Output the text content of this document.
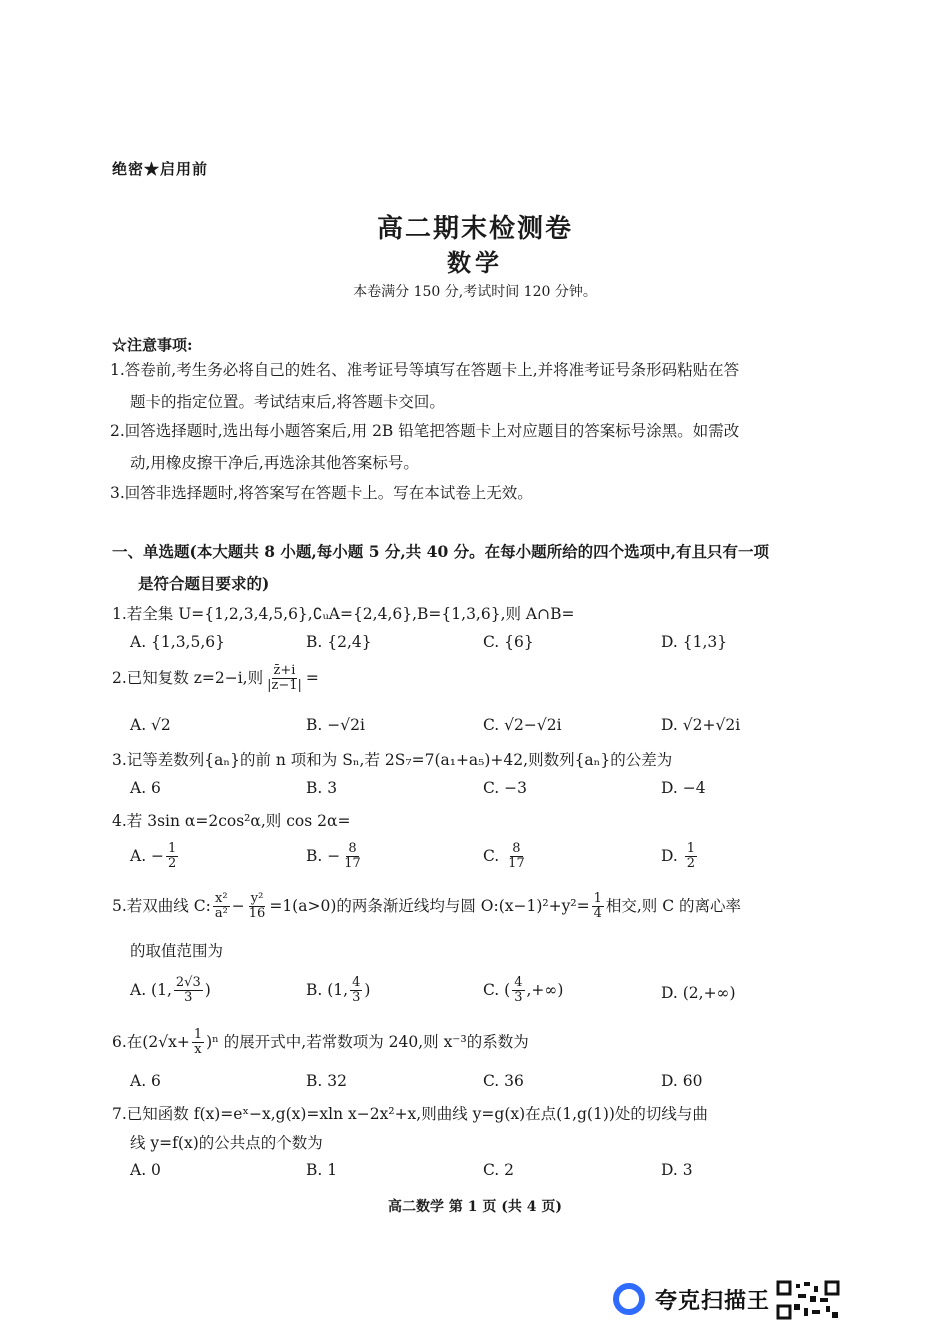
绝密★启用前
高二期末检测卷
数学
本卷满分 150 分,考试时间 120 分钟。
☆注意事项:
1.答卷前,考生务必将自己的姓名、准考证号等填写在答题卡上,并将准考证号条形码粘贴在答
题卡的指定位置。考试结束后,将答题卡交回。
2.回答选择题时,选出每小题答案后,用 2B 铅笔把答题卡上对应题目的答案标号涂黑。如需改
动,用橡皮擦干净后,再选涂其他答案标号。
3.回答非选择题时,将答案写在答题卡上。写在本试卷上无效。
一、单选题(本大题共 8 小题,每小题 5 分,共 40 分。在每小题所给的四个选项中,有且只有一项
是符合题目要求的)
1.若全集 U={1,2,3,4,5,6},∁ᵤA={2,4,6},B={1,3,6},则 A∩B=
A. {1,3,5,6}	B. {2,4}	C. {6}	D. {1,3}
2.已知复数 z=2−i,则 $\frac{z̄+i}{|z-1|}$ =
A. √2	B. −√2i	C. √2−√2i	D. √2+√2i
3.记等差数列{aₙ}的前 n 项和为 Sₙ,若 2S₇=7(a₁+a₅)+42,则数列{aₙ}的公差为
A. 6	B. 3	C. −3	D. −4
4.若 3sin α=2cos²α,则 cos 2α=
A. − $\frac{1}{2}$	B. − $\frac{8}{17}$	C. $\frac{8}{17}$	D. $\frac{1}{2}$
5.若双曲线 C: $\frac{\text{x²}}{\text{a²}} - \frac{\text{y²}}{16} =1(a>0)$的两条渐近线均与圆 O:(x−1)²+y²= $\frac{1}{4}$ 相交,则 C 的离心率
的取值范围为
A. (1, $\frac{2√3}{3}$ )	B. (1, $\frac{4}{3}$ )	C. ( $\frac{4}{3}$ ,+∞)	D. (2,+∞)
6.在$(2√x+ \frac{1}{x} )^n$ 的展开式中,若常数项为 240,则 x⁻³的系数为
A. 6	B. 32	C. 36	D. 60
7.已知函数 f(x)=eˣ−x,g(x)=xln x−2x²+x,则曲线 y=g(x)在点(1,g(1))处的切线与曲
线 y=f(x)的公共点的个数为
A. 0	B. 1	C. 2	D. 3
高二数学 第 1 页 (共 4 页)
夸克扫描王
